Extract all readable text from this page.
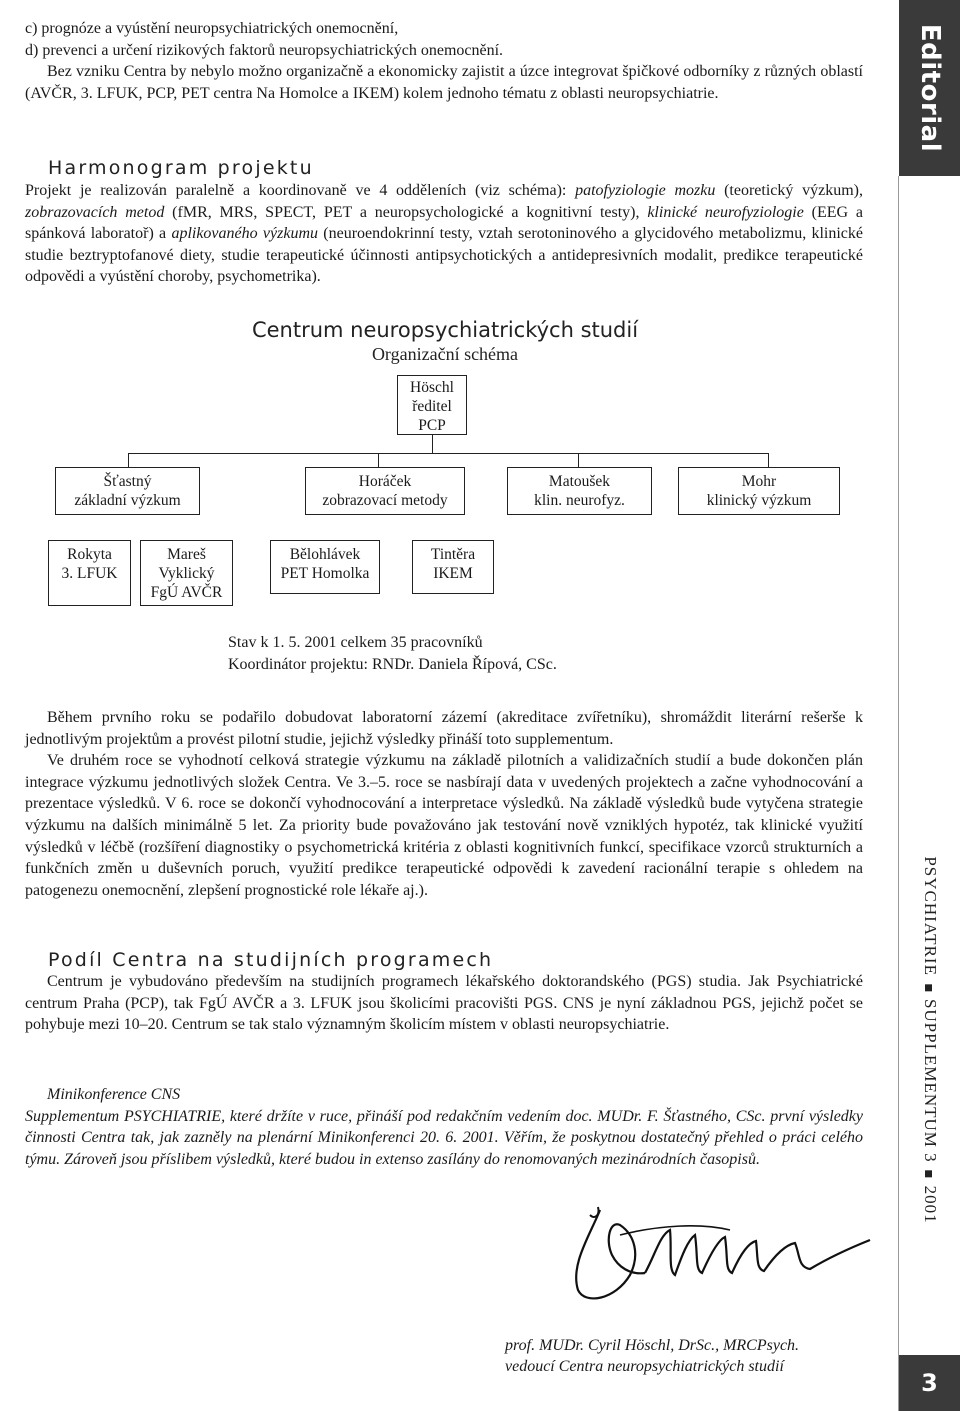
c) prognóze a vyústění neuropsychiatrických onemocnění,

d) prevenci a určení rizikových faktorů neuropsychiatrických onemocnění.

Bez vzniku Centra by nebylo možno organizačně a ekonomicky zajistit a úzce integrovat špičkové odborníky z různých oblastí (AVČR, 3. LFUK, PCP, PET centra Na Homolce a IKEM) kolem jednoho tématu z oblasti neuropsychiatrie.

Harmonogram projektu

Projekt je realizován paralelně a koordinovaně ve 4 odděleních (viz schéma): patofyziologie mozku (teoretický výzkum), zobrazovacích metod (fMR, MRS, SPECT, PET a neuropsychologické a kognitivní testy), klinické neurofyziologie (EEG a spánková laboratoř) a aplikovaného výzkumu (neuroendokrinní testy, vztah serotoninového a glycidového metabolizmu, klinické studie beztryptofanové diety, studie terapeutické účinnosti antipsychotických a antidepresivních modalit, predikce terapeutické odpovědi a vyústění choroby, psychometrika).

Centrum neuropsychiatrických studií
Organizační schéma
Höschl
ředitel
PCP
Šťastný
základní výzkum
Horáček
zobrazovací metody
Matoušek
klin. neurofyz.
Mohr
klinický výzkum
Rokyta
3. LFUK
Mareš
Vyklický
FgÚ AVČR
Bělohlávek
PET Homolka
Tintěra
IKEM
Stav k 1. 5. 2001 celkem 35 pracovníků
Koordinátor projektu: RNDr. Daniela Řípová, CSc.

Během prvního roku se podařilo dobudovat laboratorní zázemí (akreditace zvířetníku), shromáždit literární rešerše k jednotlivým projektům a provést pilotní studie, jejichž výsledky přináší toto supplementum.

Ve druhém roce se vyhodnotí celková strategie výzkumu na základě pilotních a validizačních studií a bude dokončen plán integrace výzkumu jednotlivých složek Centra. Ve 3.–5. roce se nasbírají data v uvedených projektech a začne vyhodnocování a prezentace výsledků. V 6. roce se dokončí vyhodnocování a interpretace výsledků. Na základě výsledků bude vytyčena strategie výzkumu na dalších minimálně 5 let. Za priority bude považováno jak testování nově vzniklých hypotéz, tak klinické využití výsledků v léčbě (rozšíření diagnostiky o psychometrická kritéria z oblasti kognitivních funkcí, specifikace vzorců strukturních a funkčních změn u duševních poruch, využití predikce terapeutické odpovědi k zavedení racionální terapie s ohledem na patogenezu onemocnění, zlepšení prognostické role lékaře aj.).

Podíl Centra na studijních programech

Centrum je vybudováno především na studijních programech lékařského doktorandského (PGS) studia. Jak Psychiatrické centrum Praha (PCP), tak FgÚ AVČR a 3. LFUK jsou školicími pracovišti PGS. CNS je nyní základnou PGS, jejichž počet se pohybuje mezi 10–20. Centrum se tak stalo významným školicím místem v oblasti neuropsychiatrie.

Minikonference CNS

Supplementum PSYCHIATRIE, které držíte v ruce, přináší pod redakčním vedením doc. MUDr. F. Šťastného, CSc. první výsledky činnosti Centra tak, jak zazněly na plenární Minikonferenci 20. 6. 2001. Věřím, že poskytnou dostatečný přehled o práci celého týmu. Zároveň jsou příslibem výsledků, které budou in extenso zasílány do renomovaných mezinárodních časopisů.

prof. MUDr. Cyril Höschl, DrSc., MRCPsych.
vedoucí Centra neuropsychiatrických studií
Editorial
PSYCHIATRIESUPPLEMENTUM 32001
3
